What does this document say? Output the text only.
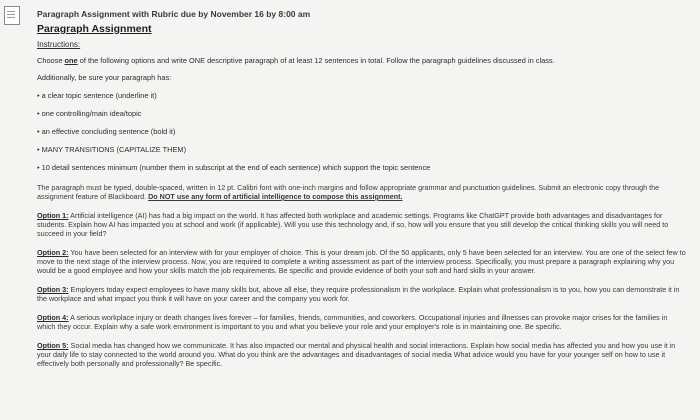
Paragraph Assignment with Rubric due by November 16 by 8:00 am
Paragraph Assignment
Instructions:
Choose one of the following options and write ONE descriptive paragraph of at least 12 sentences in total. Follow the paragraph guidelines discussed in class.
Additionally, be sure your paragraph has:
• a clear topic sentence (underline it)
• one controlling/main idea/topic
• an effective concluding sentence (bold it)
• MANY TRANSITIONS (CAPITALIZE THEM)
• 10 detail sentences minimum (number them in subscript at the end of each sentence) which support the topic sentence
The paragraph must be typed, double-spaced, written in 12 pt. Calibri font with one-inch margins and follow appropriate grammar and punctuation guidelines. Submit an electronic copy through the assignment feature of Blackboard. Do NOT use any form of artificial intelligence to compose this assignment.
Option 1: Artificial intelligence (AI) has had a big impact on the world. It has affected both workplace and academic settings. Programs like ChatGPT provide both advantages and disadvantages for students. Explain how AI has impacted you at school and work (if applicable). Will you use this technology and, if so, how will you ensure that you still develop the critical thinking skills you will need to succeed in your field?
Option 2: You have been selected for an interview with for your employer of choice. This is your dream job. Of the 50 applicants, only 5 have been selected for an interview. You are one of the select few to move to the next stage of the interview process. Now, you are required to complete a writing assessment as part of the interview process. Specifically, you must prepare a paragraph explaining why you would be a good employee and how your skills match the job requirements. Be specific and provide evidence of both your soft and hard skills in your answer.
Option 3: Employers today expect employees to have many skills but, above all else, they require professionalism in the workplace. Explain what professionalism is to you, how you can demonstrate it in the workplace and what impact you think it will have on your career and the company you work for.
Option 4: A serious workplace injury or death changes lives forever – for families, friends, communities, and coworkers. Occupational injuries and illnesses can provoke major crises for the families in which they occur. Explain why a safe work environment is important to you and what you believe your role and your employer's role is in maintaining one. Be specific.
Option 5: Social media has changed how we communicate. It has also impacted our mental and physical health and social interactions. Explain how social media has affected you and how you use it in your daily life to stay connected to the world around you. What do you think are the advantages and disadvantages of social media What advice would you have for your younger self on how to use it effectively both personally and professionally? Be specific.
